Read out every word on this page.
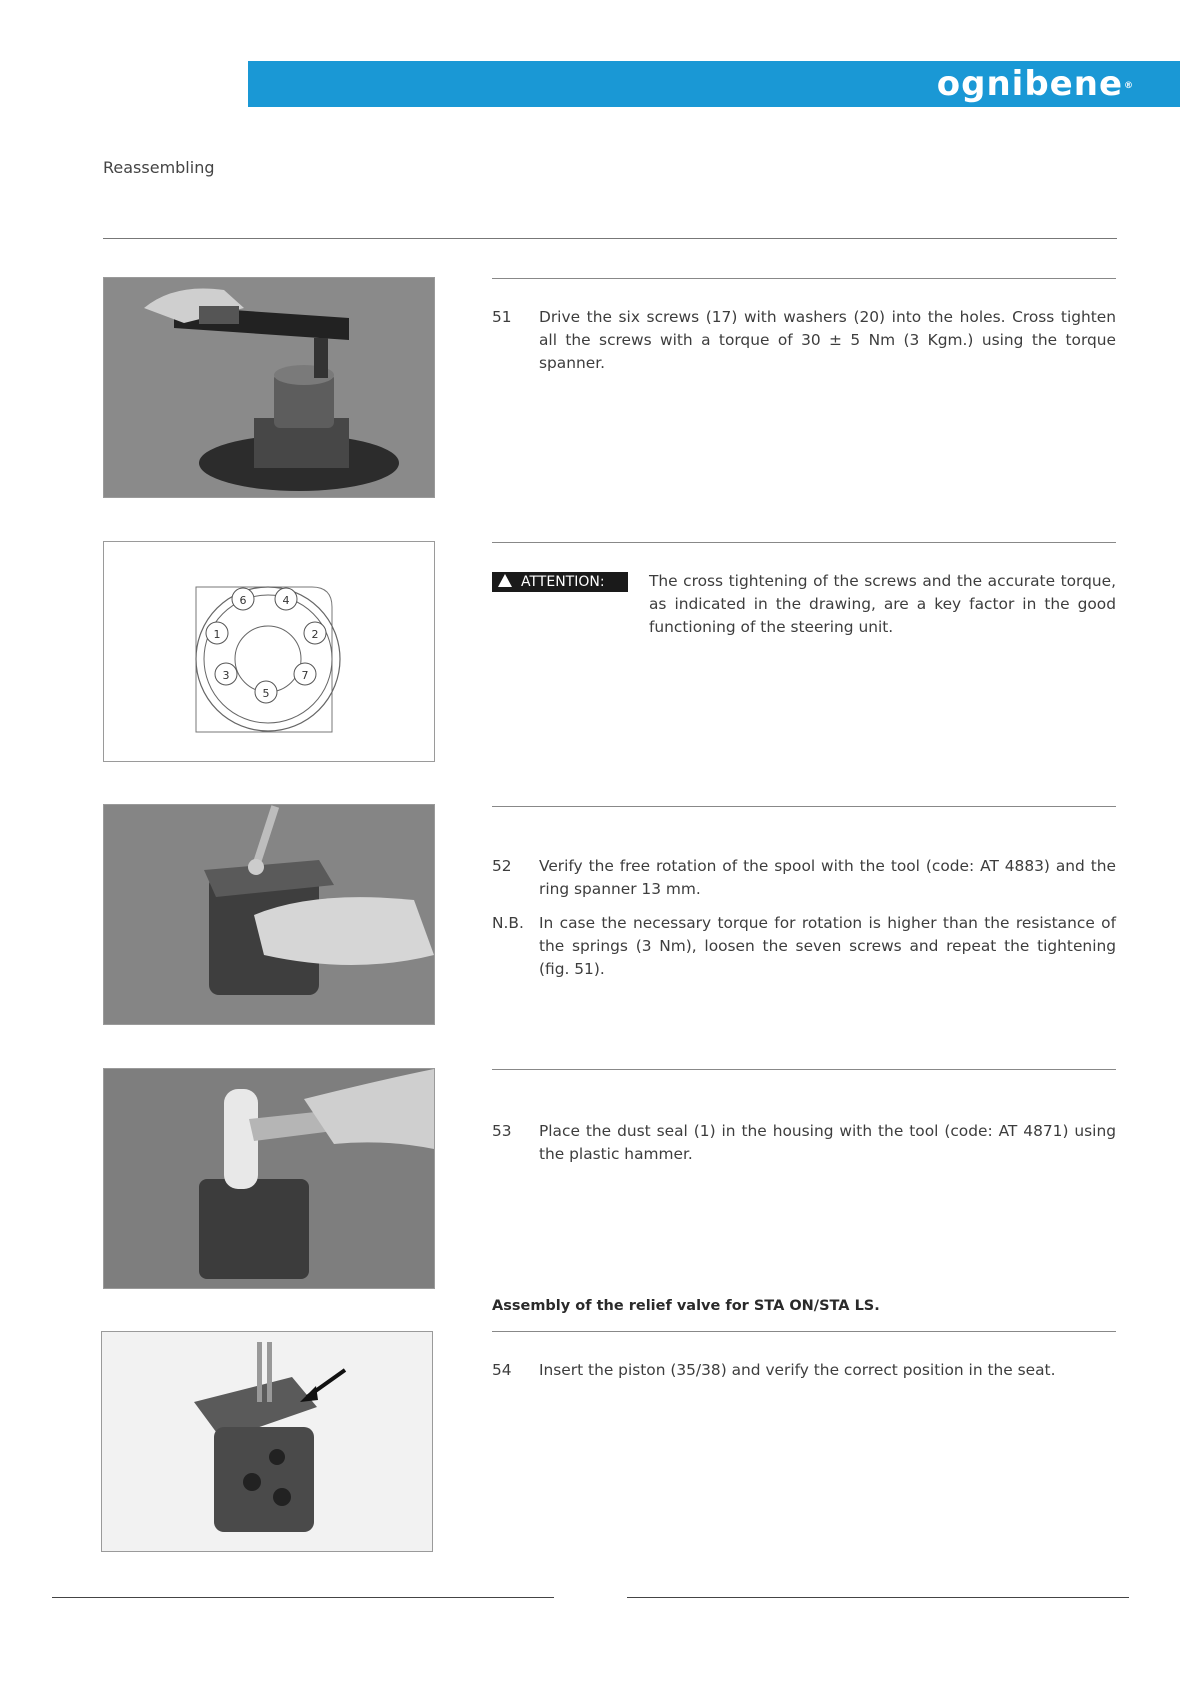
ognibene®
Reassembling
51 Drive the six screws (17) with washers (20) into the holes. Cross tighten all the screws with a torque of 30 ± 5 Nm (3 Kgm.) using the torque spanner.
6	4
1	2
3	7
5
ATTENTION:	The cross tightening of the screws and the accurate torque, as indicated in the drawing, are a key factor in the good functioning of the steering unit.
52 Verify the free rotation of the spool with the tool (code: AT 4883) and the ring spanner 13 mm.
N.B. In case the necessary torque for rotation is higher than the resistance of the springs (3 Nm), loosen the seven screws and repeat the tightening (fig. 51).
53 Place the dust seal (1) in the housing with the tool (code: AT 4871) using the plastic hammer.
Assembly of the relief valve for STA ON/STA LS.
54 Insert the piston (35/38) and verify the correct position in the seat.
